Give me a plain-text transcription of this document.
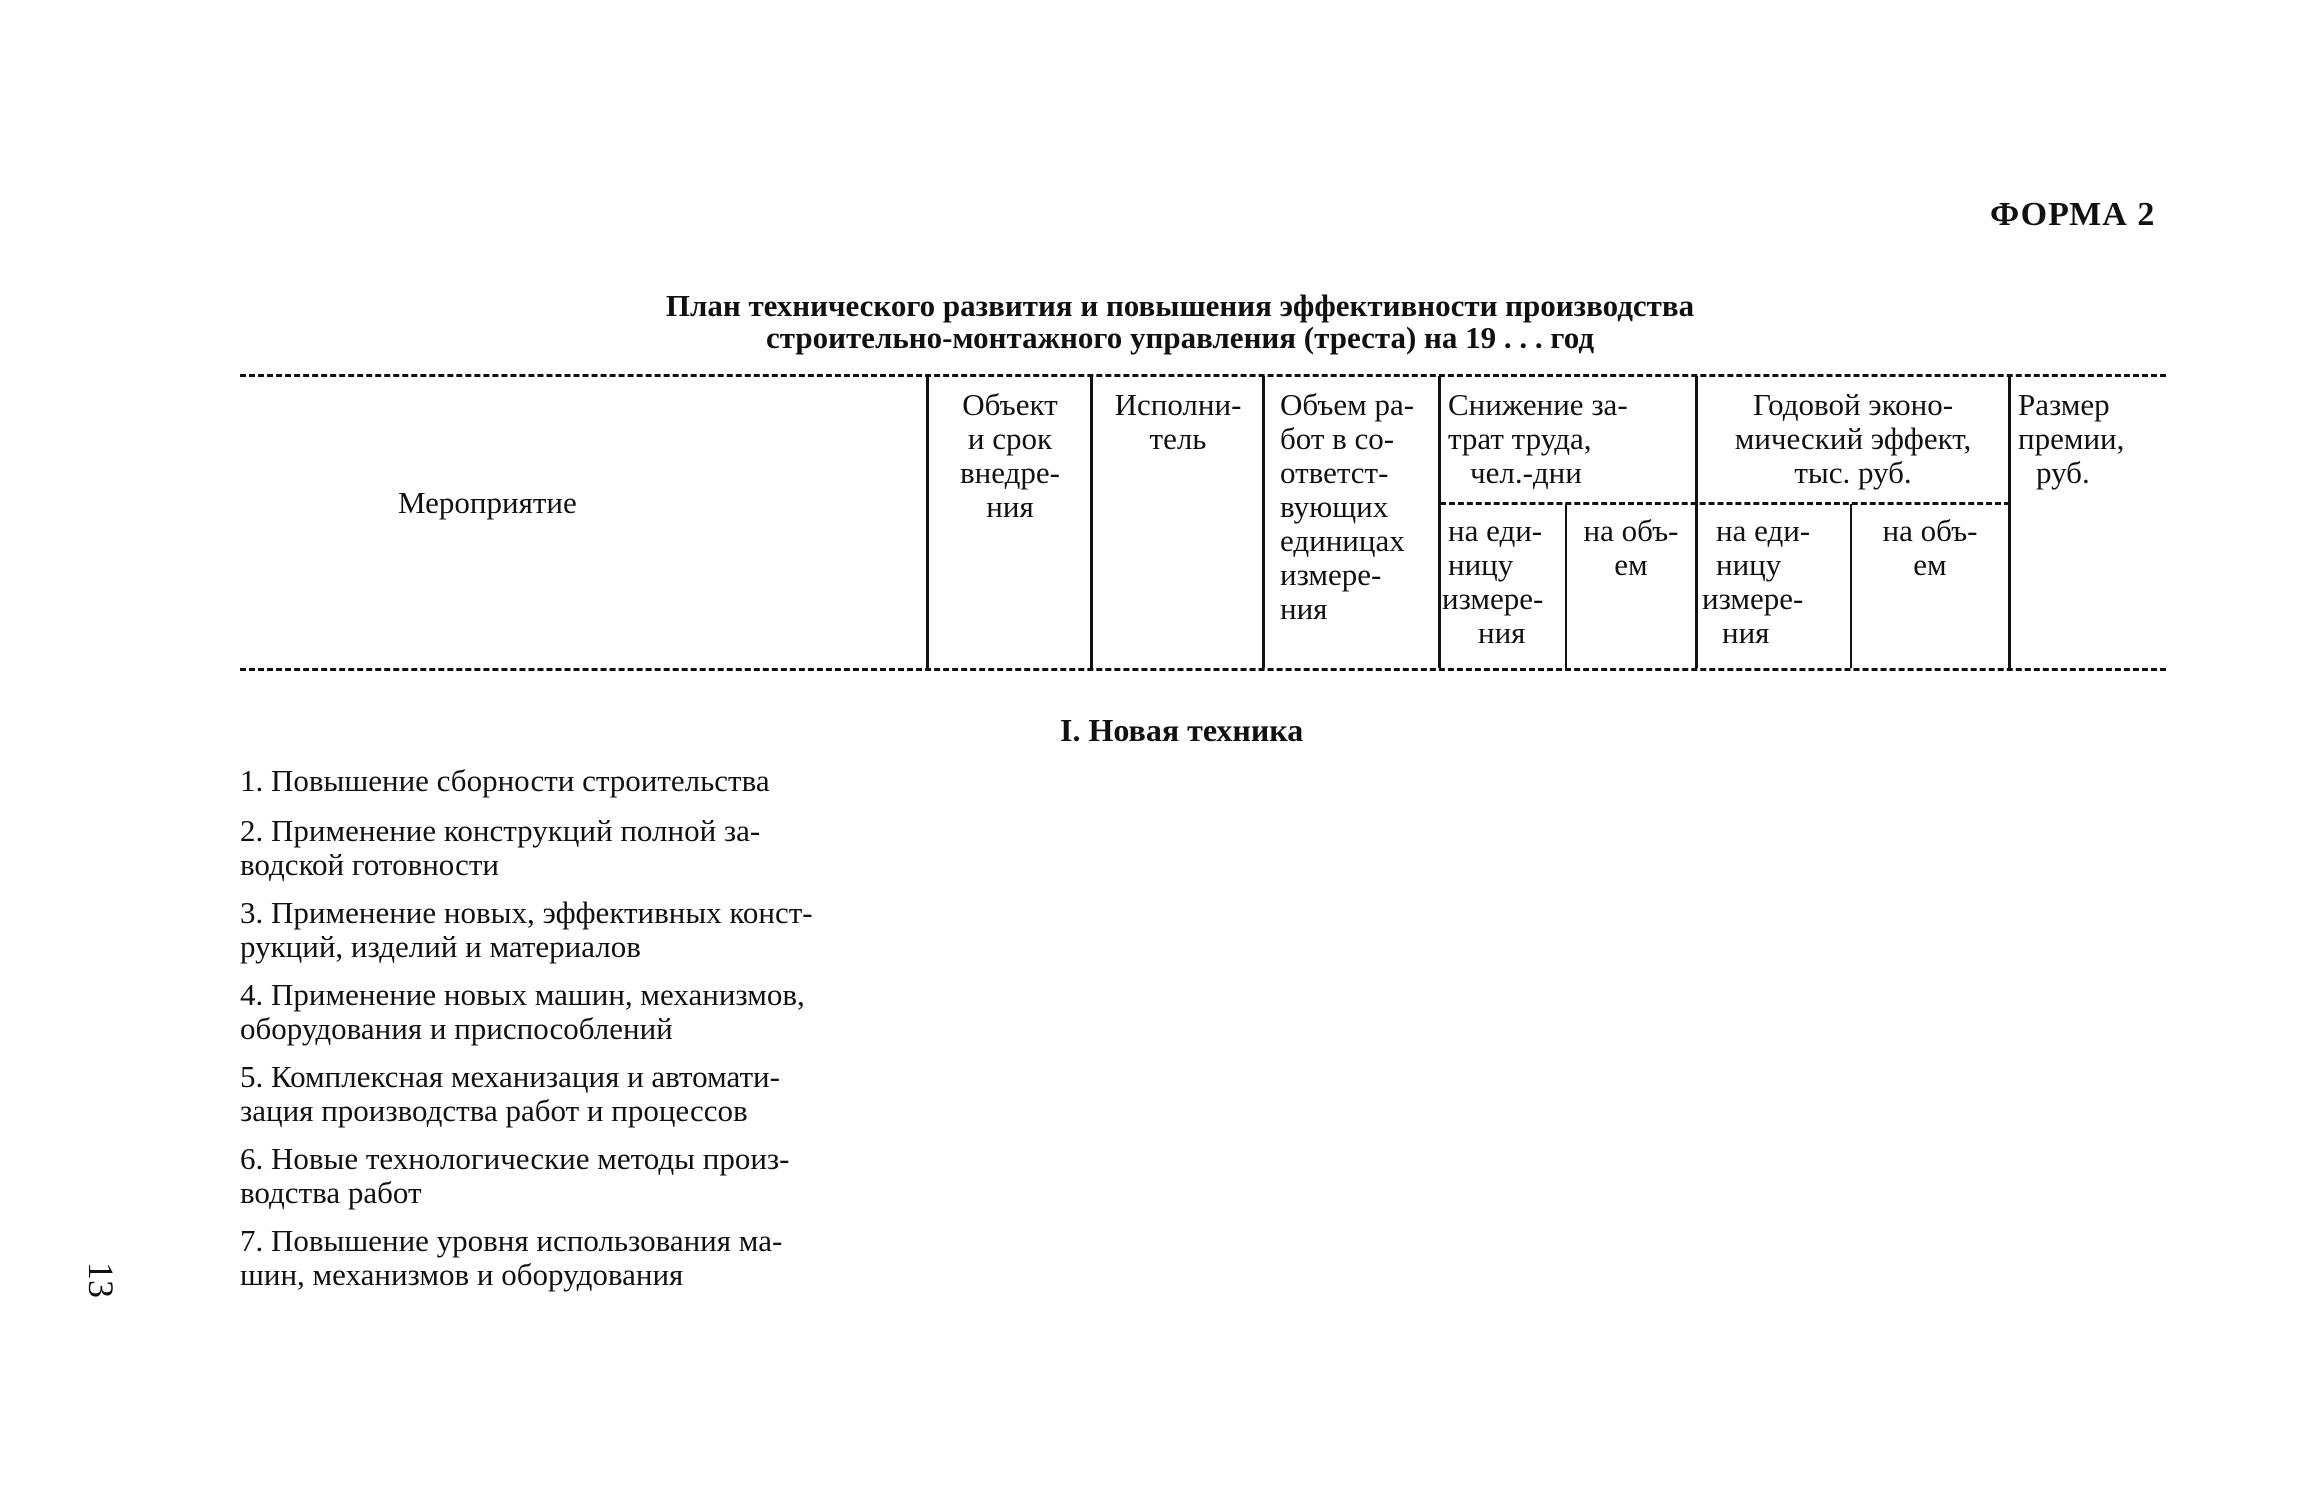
ФОРМА 2
План технического развития и повышения эффективности производства
строительно-монтажного управления (треста) на 19 . . . год
Мероприятие
Объект
и срок
внедре-
ния
Исполни-
тель
Объем ра-
бот в со-
ответст-
вующих
единицах
измере-
ния
Снижение за-
трат труда,
чел.-дни
на еди-
ницу
измере-
ния
на объ-
ем
Годовой эконо-
мический эффект,
тыс. руб.
на еди-
ницу
измере-
ния
на объ-
ем
Размер
премии,
руб.
I. Новая техника
1. Повышение сборности строительства
2. Применение конструкций полной за-
водской готовности
3. Применение новых, эффективных конст-
рукций, изделий и материалов
4. Применение новых машин, механизмов,
оборудования и приспособлений
5. Комплексная механизация и автомати-
зация производства работ и процессов
6. Новые технологические методы произ-
водства работ
7. Повышение уровня использования ма-
шин, механизмов и оборудования
13
